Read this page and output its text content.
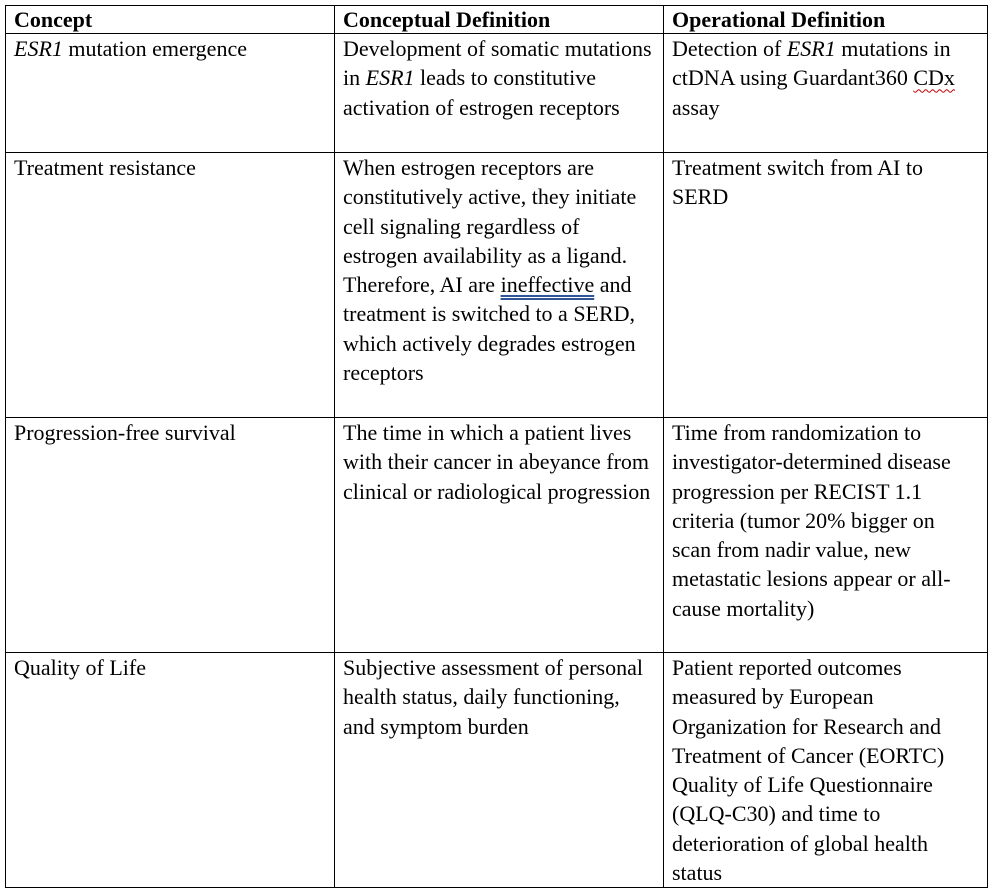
Concept	Conceptual Definition	Operational Definition
ESR1 mutation emergence	Development of somatic mutations in ESR1 leads to constitutive activation of estrogen receptors	Detection of ESR1 mutations in ctDNA using Guardant360 CDx assay
Treatment resistance	When estrogen receptors are constitutively active, they initiate cell signaling regardless of estrogen availability as a ligand. Therefore, AI are ineffective and treatment is switched to a SERD, which actively degrades estrogen receptors	Treatment switch from AI to SERD
Progression-free survival	The time in which a patient lives with their cancer in abeyance from clinical or radiological progression	Time from randomization to investigator-determined disease progression per RECIST 1.1 criteria (tumor 20% bigger on scan from nadir value, new metastatic lesions appear or all-cause mortality)
Quality of Life	Subjective assessment of personal health status, daily functioning, and symptom burden	Patient reported outcomes measured by European Organization for Research and Treatment of Cancer (EORTC) Quality of Life Questionnaire (QLQ-C30) and time to deterioration of global health status
